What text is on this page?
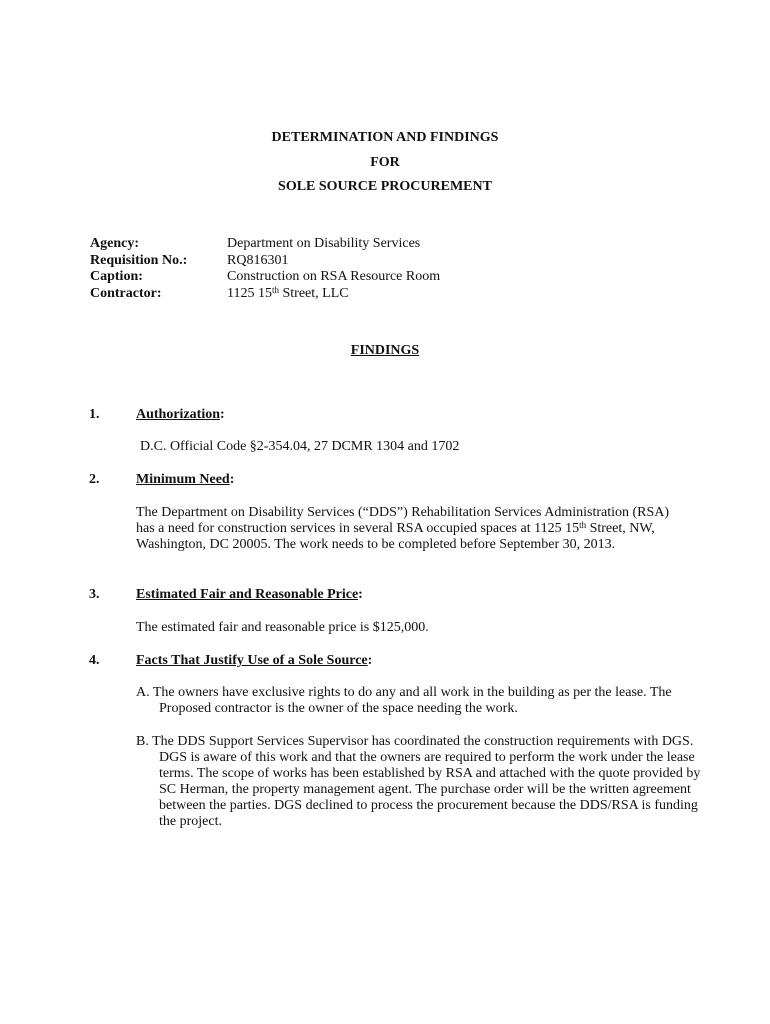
DETERMINATION AND FINDINGS
FOR
SOLE SOURCE PROCUREMENT
Agency:	Department on Disability Services
Requisition No.:	RQ816301
Caption:	Construction on RSA Resource Room
Contractor:	1125 15th Street, LLC
FINDINGS
1.	Authorization:
D.C. Official Code §2-354.04, 27 DCMR 1304 and 1702
2.	Minimum Need:
The Department on Disability Services (“DDS”) Rehabilitation Services Administration (RSA) has a need for construction services in several RSA occupied spaces at 1125 15th Street, NW, Washington, DC 20005. The work needs to be completed before September 30, 2013.
3.	Estimated Fair and Reasonable Price:
The estimated fair and reasonable price is $125,000.
4.	Facts That Justify Use of a Sole Source:
A. The owners have exclusive rights to do any and all work in the building as per the lease. The Proposed contractor is the owner of the space needing the work.
B. The DDS Support Services Supervisor has coordinated the construction requirements with DGS. DGS is aware of this work and that the owners are required to perform the work under the lease terms. The scope of works has been established by RSA and attached with the quote provided by SC Herman, the property management agent. The purchase order will be the written agreement between the parties. DGS declined to process the procurement because the DDS/RSA is funding the project.
